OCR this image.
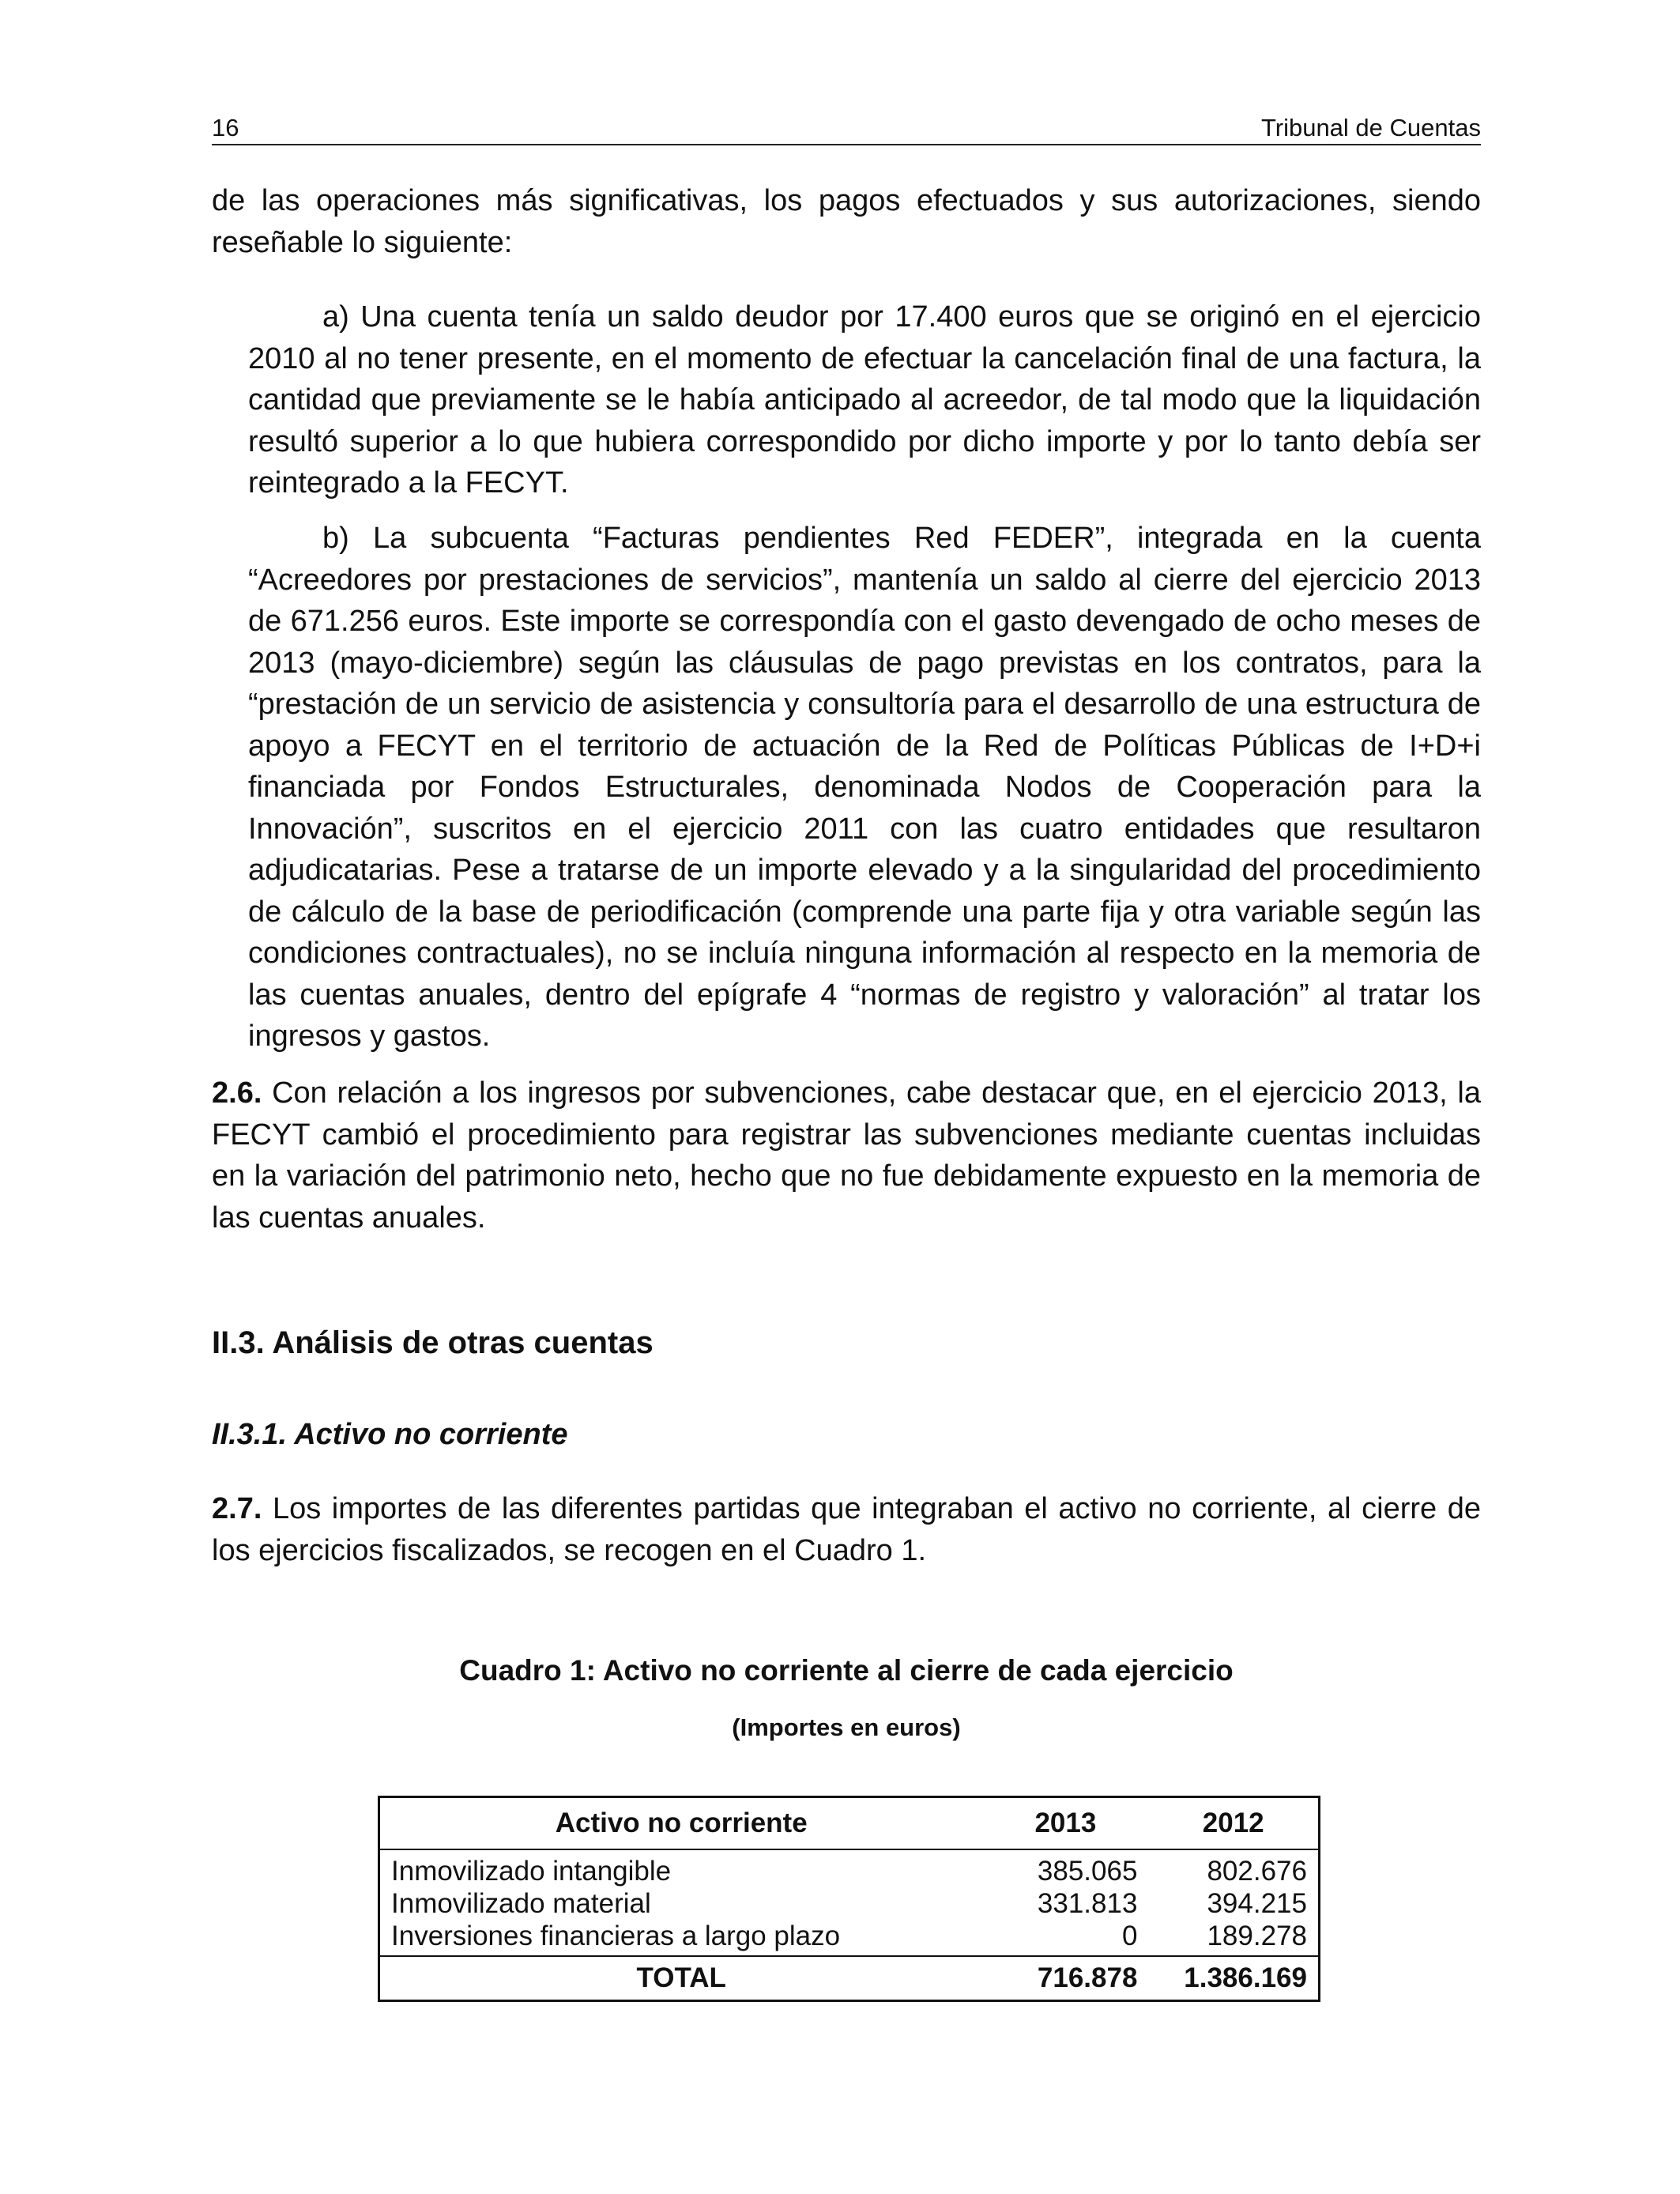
16	Tribunal de Cuentas

de las operaciones más significativas, los pagos efectuados y sus autorizaciones, siendo reseñable lo siguiente:

a) Una cuenta tenía un saldo deudor por 17.400 euros que se originó en el ejercicio 2010 al no tener presente, en el momento de efectuar la cancelación final de una factura, la cantidad que previamente se le había anticipado al acreedor, de tal modo que la liquidación resultó superior a lo que hubiera correspondido por dicho importe y por lo tanto debía ser reintegrado a la FECYT.

b) La subcuenta “Facturas pendientes Red FEDER”, integrada en la cuenta “Acreedores por prestaciones de servicios”, mantenía un saldo al cierre del ejercicio 2013 de 671.256 euros. Este importe se correspondía con el gasto devengado de ocho meses de 2013 (mayo-diciembre) según las cláusulas de pago previstas en los contratos, para la “prestación de un servicio de asistencia y consultoría para el desarrollo de una estructura de apoyo a FECYT en el territorio de actuación de la Red de Políticas Públicas de I+D+i financiada por Fondos Estructurales, denominada Nodos de Cooperación para la Innovación”, suscritos en el ejercicio 2011 con las cuatro entidades que resultaron adjudicatarias. Pese a tratarse de un importe elevado y a la singularidad del procedimiento de cálculo de la base de periodificación (comprende una parte fija y otra variable según las condiciones contractuales), no se incluía ninguna información al respecto en la memoria de las cuentas anuales, dentro del epígrafe 4 “normas de registro y valoración” al tratar los ingresos y gastos.

2.6. Con relación a los ingresos por subvenciones, cabe destacar que, en el ejercicio 2013, la FECYT cambió el procedimiento para registrar las subvenciones mediante cuentas incluidas en la variación del patrimonio neto, hecho que no fue debidamente expuesto en la memoria de las cuentas anuales.

II.3. Análisis de otras cuentas
II.3.1. Activo no corriente

2.7. Los importes de las diferentes partidas que integraban el activo no corriente, al cierre de los ejercicios fiscalizados, se recogen en el Cuadro 1.

Cuadro 1: Activo no corriente al cierre de cada ejercicio

(Importes en euros)

Activo no corriente	2013	2012
Inmovilizado intangible	385.065	802.676
Inmovilizado material	331.813	394.215
Inversiones financieras a largo plazo	0	189.278
TOTAL	716.878	1.386.169
